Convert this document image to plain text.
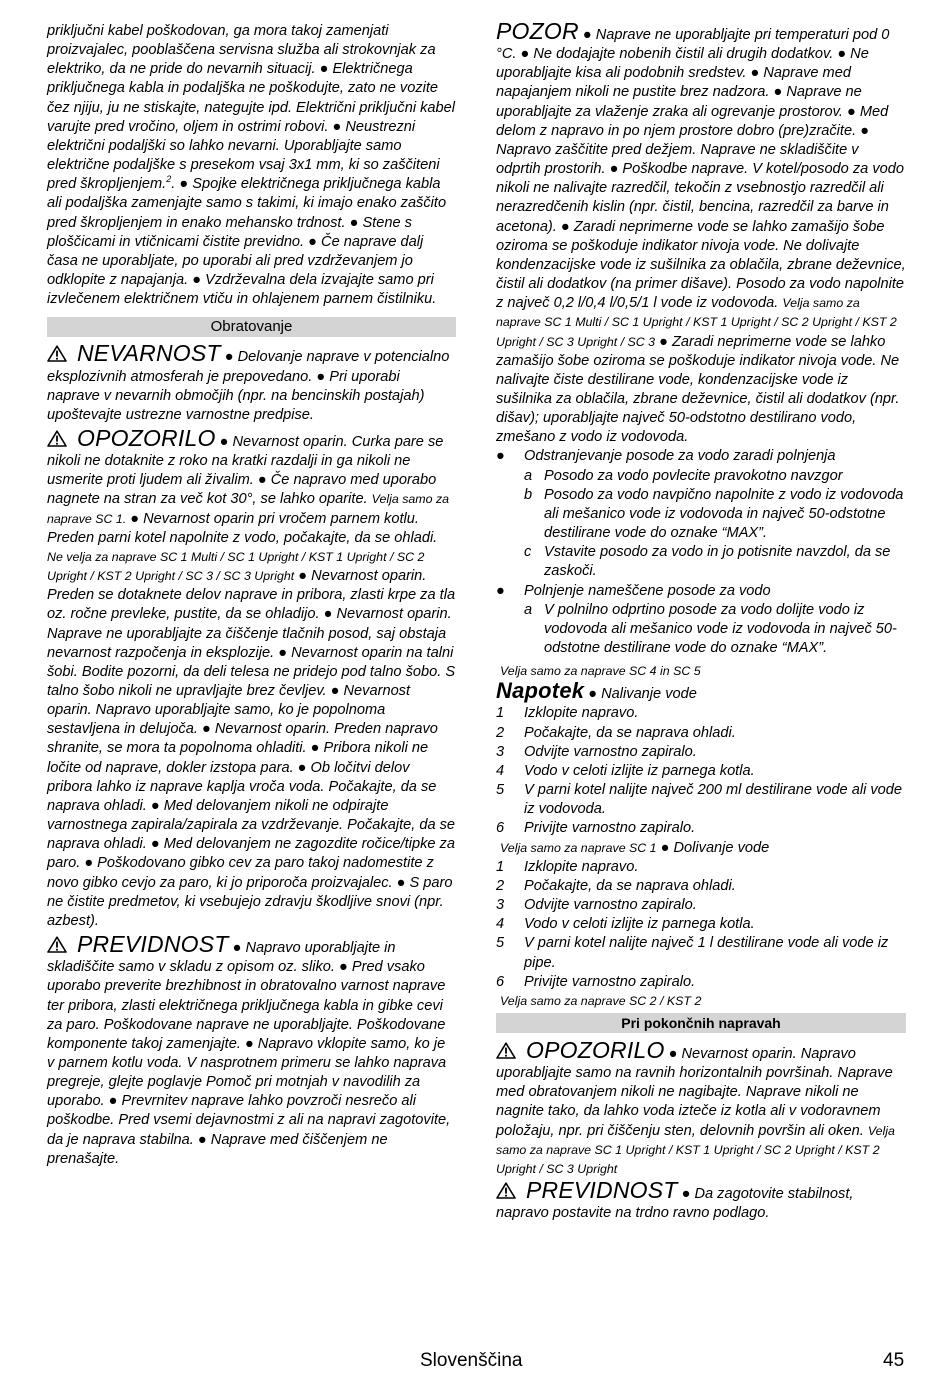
priključni kabel poškodovan, ga mora takoj zamenjati proizvajalec, pooblaščena servisna služba ali strokovnjak za elektriko, da ne pride do nevarnih situacij. ● Električnega priključnega kabla in podaljška ne poškodujte, zato ne vozite čez njiju, ju ne stiskajte, nategujte ipd. Električni priključni kabel varujte pred vročino, oljem in ostrimi robovi. ● Neustrezni električni podaljški so lahko nevarni. Uporabljajte samo električne podaljške s presekom vsaj 3x1 mm, ki so zaščiteni pred škropljenjem.$^2$. ● Spojke električnega priključnega kabla ali podaljška zamenjajte samo s takimi, ki imajo enako zaščito pred škropljenjem in enako mehansko trdnost. ● Stene s ploščicami in vtičnicami čistite previdno. ● Če naprave dalj časa ne uporabljate, po uporabi ali pred vzdrževanjem jo odklopite z napajanja. ● Vzdrževalna dela izvajajte samo pri izvlečenem električnem vtiču in ohlajenem parnem čistilniku.

Obratovanje

NEVARNOST ● Delovanje naprave v potencialno eksplozivnih atmosferah je prepovedano. ● Pri uporabi naprave v nevarnih območjih (npr. na bencinskih postajah) upoštevajte ustrezne varnostne predpise.

OPOZORILO ● Nevarnost oparin. Curka pare se nikoli ne dotaknite z roko na kratki razdalji in ga nikoli ne usmerite proti ljudem ali živalim. ● Če napravo med uporabo nagnete na stran za več kot 30°, se lahko oparite. Velja samo za naprave SC 1. ● Nevarnost oparin pri vročem parnem kotlu. Preden parni kotel napolnite z vodo, počakajte, da se ohladi. Ne velja za naprave SC 1 Multi / SC 1 Upright / KST 1 Upright / SC 2 Upright / KST 2 Upright / SC 3 / SC 3 Upright ● Nevarnost oparin. Preden se dotaknete delov naprave in pribora, zlasti krpe za tla oz. ročne prevleke, pustite, da se ohladijo. ● Nevarnost oparin. Naprave ne uporabljajte za čiščenje tlačnih posod, saj obstaja nevarnost razpočenja in eksplozije. ● Nevarnost oparin na talni šobi. Bodite pozorni, da deli telesa ne pridejo pod talno šobo. S talno šobo nikoli ne upravljajte brez čevljev. ● Nevarnost oparin. Napravo uporabljajte samo, ko je popolnoma sestavljena in delujoča. ● Nevarnost oparin. Preden napravo shranite, se mora ta popolnoma ohladiti. ● Pribora nikoli ne ločite od naprave, dokler izstopa para. ● Ob ločitvi delov pribora lahko iz naprave kaplja vroča voda. Počakajte, da se naprava ohladi. ● Med delovanjem nikoli ne odpirajte varnostnega zapirala/zapirala za vzdrževanje. Počakajte, da se naprava ohladi. ● Med delovanjem ne zagozdite ročice/tipke za paro. ● Poškodovano gibko cev za paro takoj nadomestite z novo gibko cevjo za paro, ki jo priporoča proizvajalec. ● S paro ne čistite predmetov, ki vsebujejo zdravju škodljive snovi (npr. azbest).

PREVIDNOST ● Napravo uporabljajte in skladiščite samo v skladu z opisom oz. sliko. ● Pred vsako uporabo preverite brezhibnost in obratovalno varnost naprave ter pribora, zlasti električnega priključnega kabla in gibke cevi za paro. Poškodovane naprave ne uporabljajte. Poškodovane komponente takoj zamenjajte. ● Napravo vklopite samo, ko je v parnem kotlu voda. V nasprotnem primeru se lahko naprava pregreje, glejte poglavje Pomoč pri motnjah v navodilih za uporabo. ● Prevrnitev naprave lahko povzroči nesrečo ali poškodbe. Pred vsemi dejavnostmi z ali na napravi zagotovite, da je naprava stabilna. ● Naprave med čiščenjem ne prenašajte.

POZOR ● Naprave ne uporabljajte pri temperaturi pod 0 °C. ● Ne dodajajte nobenih čistil ali drugih dodatkov. ● Ne uporabljajte kisa ali podobnih sredstev. ● Naprave med napajanjem nikoli ne pustite brez nadzora. ● Naprave ne uporabljajte za vlaženje zraka ali ogrevanje prostorov. ● Med delom z napravo in po njem prostore dobro (pre)zračite. ● Napravo zaščitite pred dežjem. Naprave ne skladiščite v odprtih prostorih. ● Poškodbe naprave. V kotel/posodo za vodo nikoli ne nalivajte razredčil, tekočin z vsebnostjo razredčil ali nerazredčenih kislin (npr. čistil, bencina, razredčil za barve in acetona). ● Zaradi neprimerne vode se lahko zamašijo šobe oziroma se poškoduje indikator nivoja vode. Ne dolivajte kondenzacijske vode iz sušilnika za oblačila, zbrane deževnice, čistil ali dodatkov (na primer dišave). Posodo za vodo napolnite z največ 0,2 l/0,4 l/0,5/1 l vode iz vodovoda. Velja samo za naprave SC 1 Multi / SC 1 Upright / KST 1 Upright / SC 2 Upright / KST 2 Upright / SC 3 Upright / SC 3 ● Zaradi neprimerne vode se lahko zamašijo šobe oziroma se poškoduje indikator nivoja vode. Ne nalivajte čiste destilirane vode, kondenzacijske vode iz sušilnika za oblačila, zbrane deževnice, čistil ali dodatkov (npr. dišav); uporabljajte največ 50-odstotno destilirano vodo, zmešano z vodo iz vodovoda.

●	Odstranjevanje posode za vodo zaradi polnjenja
a Posodo za vodo povlecite pravokotno navzgor
b Posodo za vodo navpično napolnite z vodo iz vodovoda ali mešanico vode iz vodovoda in največ 50-odstotne destilirane vode do oznake “MAX”.
c Vstavite posodo za vodo in jo potisnite navzdol, da se zaskoči.
●	Polnjenje nameščene posode za vodo
a V polnilno odprtino posode za vodo dolijte vodo iz vodovoda ali mešanico vode iz vodovoda in največ 50-odstotne destilirane vode do oznake “MAX”.
Velja samo za naprave SC 4 in SC 5

Napotek ● Nalivanje vode

1	Izklopite napravo.
2	Počakajte, da se naprava ohladi.
3	Odvijte varnostno zapiralo.
4	Vodo v celoti izlijte iz parnega kotla.
5	V parni kotel nalijte največ 200 ml destilirane vode ali vode iz vodovoda.
6	Privijte varnostno zapiralo.

Velja samo za naprave SC 1 ● Dolivanje vode

1	Izklopite napravo.
2	Počakajte, da se naprava ohladi.
3	Odvijte varnostno zapiralo.
4	Vodo v celoti izlijte iz parnega kotla.
5	V parni kotel nalijte največ 1 l destilirane vode ali vode iz pipe.
6	Privijte varnostno zapiralo.
Velja samo za naprave SC 2 / KST 2
Pri pokončnih napravah

OPOZORILO ● Nevarnost oparin. Napravo uporabljajte samo na ravnih horizontalnih površinah. Naprave med obratovanjem nikoli ne nagibajte. Naprave nikoli ne nagnite tako, da lahko voda izteče iz kotla ali v vodoravnem položaju, npr. pri čiščenju sten, delovnih površin ali oken. Velja samo za naprave SC 1 Upright / KST 1 Upright / SC 2 Upright / KST 2 Upright / SC 3 Upright

PREVIDNOST ● Da zagotovite stabilnost, napravo postavite na trdno ravno podlago.

Slovenščina	45
